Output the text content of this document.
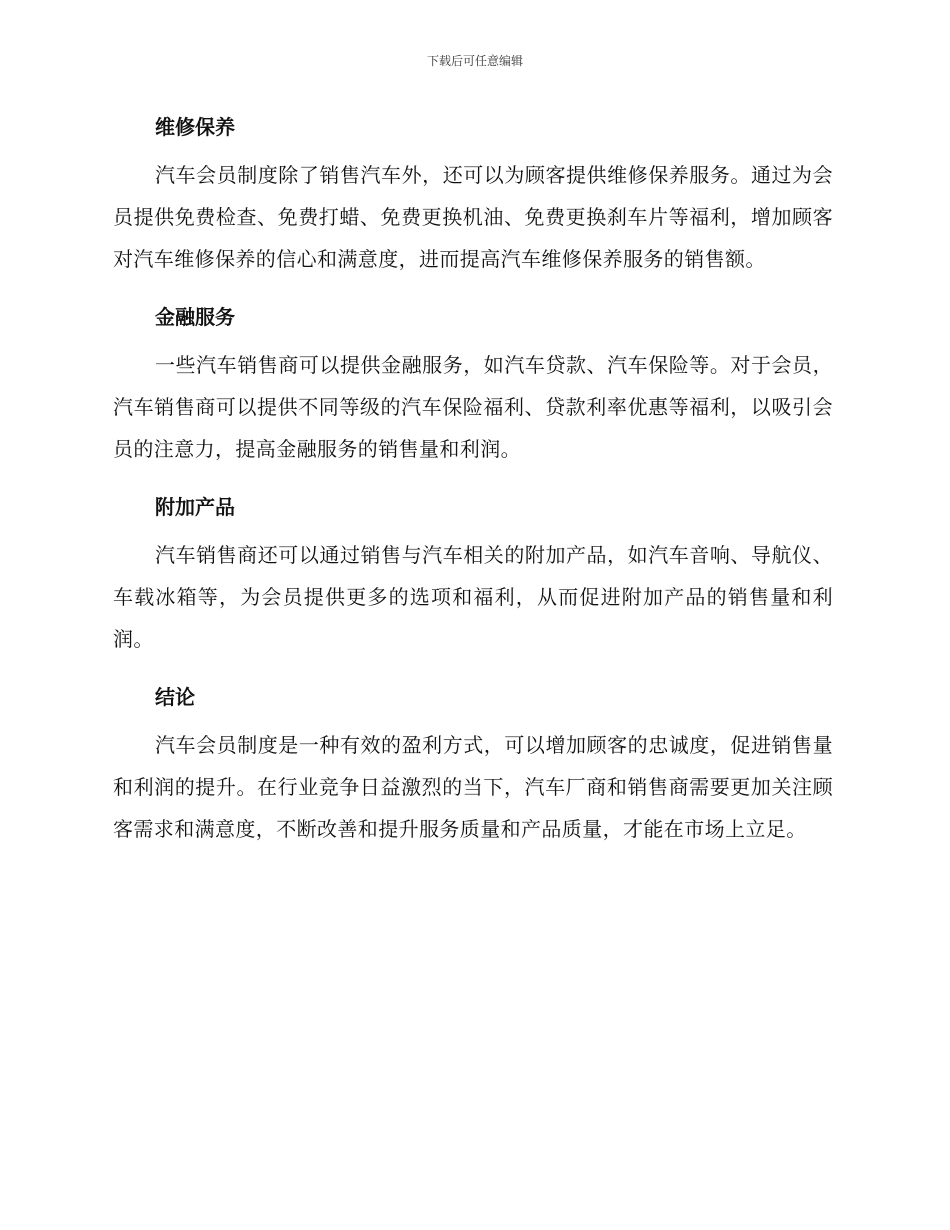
下载后可任意编辑
维修保养

汽车会员制度除了销售汽车外，还可以为顾客提供维修保养服务。通过为会员提供免费检查、免费打蜡、免费更换机油、免费更换刹车片等福利，增加顾客对汽车维修保养的信心和满意度，进而提高汽车维修保养服务的销售额。

金融服务

一些汽车销售商可以提供金融服务，如汽车贷款、汽车保险等。对于会员，汽车销售商可以提供不同等级的汽车保险福利、贷款利率优惠等福利，以吸引会员的注意力，提高金融服务的销售量和利润。

附加产品

汽车销售商还可以通过销售与汽车相关的附加产品，如汽车音响、导航仪、车载冰箱等，为会员提供更多的选项和福利，从而促进附加产品的销售量和利润。

结论

汽车会员制度是一种有效的盈利方式，可以增加顾客的忠诚度，促进销售量和利润的提升。在行业竞争日益激烈的当下，汽车厂商和销售商需要更加关注顾客需求和满意度，不断改善和提升服务质量和产品质量，才能在市场上立足。
